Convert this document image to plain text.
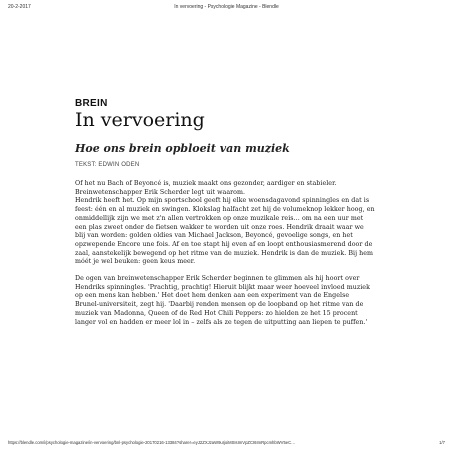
20-2-2017	In vervoering - Psychologie Magazine - Blendle

BREIN

In vervoering
Hoe ons brein opbloeit van muziek

TEKST: EDWIN ODEN

Of het nu Bach of Beyoncé is, muziek maakt ons gezonder, aardiger en stabieler. Breinwetenschapper Erik Scherder legt uit waarom.
Hendrik heeft het. Op mijn sportschool geeft hij elke woensdagavond spinningles en dat is feest: één en al muziek en swingen. Klokslag halfacht zet hij de volumeknop lekker hoog, en onmiddellijk zijn we met z'n allen vertrokken op onze muzikale reis… om na een uur met een plas zweet onder de fietsen wakker te worden uit onze roes. Hendrik draait waar we blij van worden: golden oldies van Michael Jackson, Beyoncé, gevoelige songs, en het opzwepende Encore une fois. Af en toe stapt hij even af en loopt enthousiasmerend door de zaal, aanstekelijk bewegend op het ritme van de muziek. Hendrik is dan de muziek. Bij hem móét je wel beuken: geen keus meer.

De ogen van breinwetenschapper Erik Scherder beginnen te glimmen als hij hoort over Hendriks spinningles. 'Prachtig, prachtig! Hieruit blijkt maar weer hoeveel invloed muziek op een mens kan hebben.' Het doet hem denken aan een experiment van de Engelse Brunel-universiteit, zegt hij. 'Daarbij renden mensen op de loopband op het ritme van de muziek van Madonna, Queen of de Red Hot Chili Peppers: zo hielden ze het 15 procent langer vol en hadden er meer lol in – zelfs als ze tegen de uitputting aan liepen te puffen.'

https://blendle.com/i/psychologie-magazine/in-vervoering/bnl-psychologie-20170216-13384?sharer=eyJ2ZXJzaW9uIjoiMSIsImVpZCI6ImRpcmhbWV5eC…	1/7
